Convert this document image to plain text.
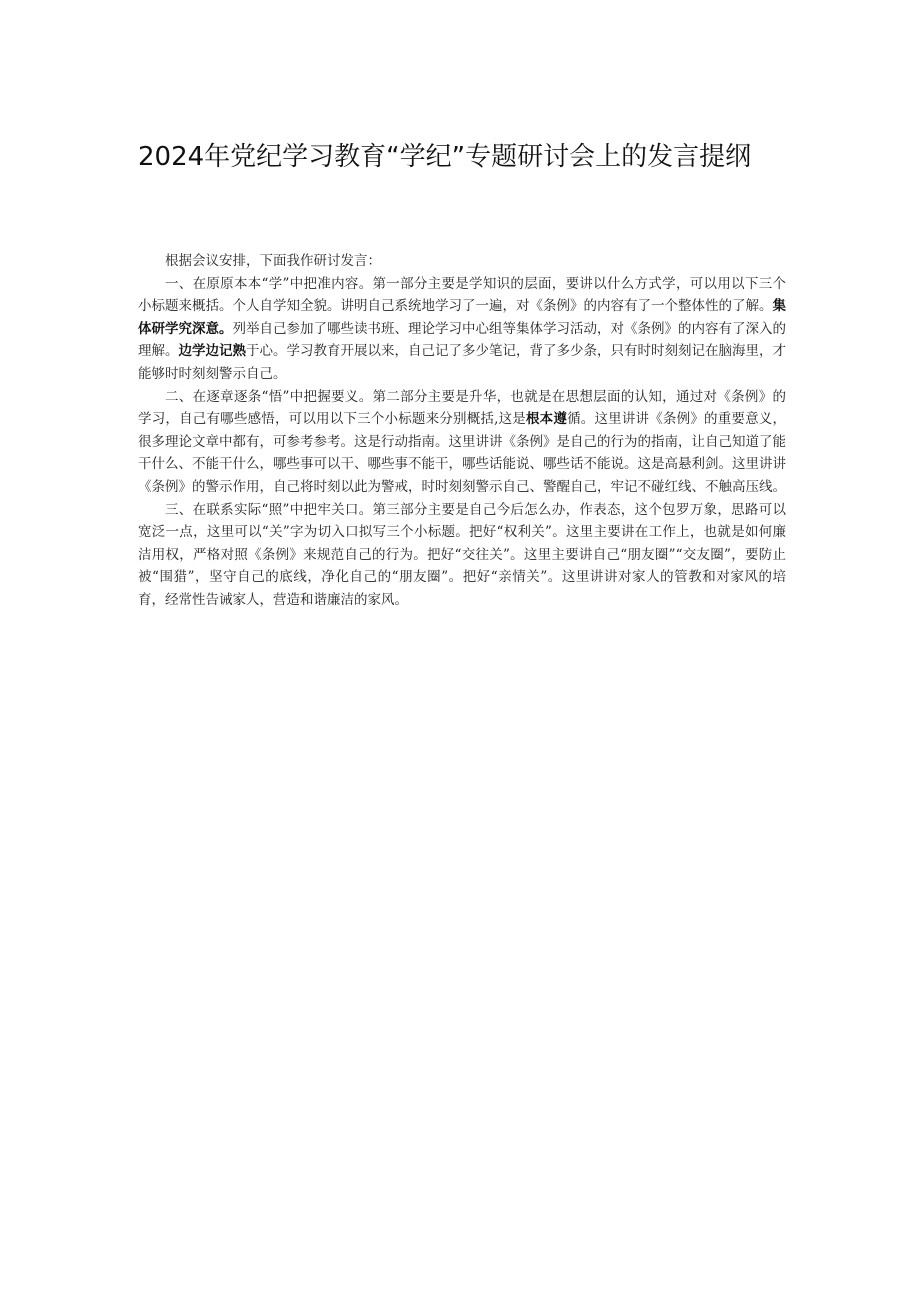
2024年党纪学习教育“学纪”专题研讨会上的发言提纲

根据会议安排，下面我作研讨发言：

一、在原原本本“学”中把准内容。第一部分主要是学知识的层面，要讲以什么方式学，可以用以下三个小标题来概括。个人自学知全貌。讲明自己系统地学习了一遍，对《条例》的内容有了一个整体性的了解。集体研学究深意。列举自己参加了哪些读书班、理论学习中心组等集体学习活动，对《条例》的内容有了深入的理解。边学边记熟于心。学习教育开展以来，自己记了多少笔记，背了多少条，只有时时刻刻记在脑海里，才能够时时刻刻警示自己。

二、在逐章逐条“悟”中把握要义。第二部分主要是升华，也就是在思想层面的认知，通过对《条例》的学习，自己有哪些感悟，可以用以下三个小标题来分别概括,这是根本遵循。这里讲讲《条例》的重要意义，很多理论文章中都有，可参考参考。这是行动指南。这里讲讲《条例》是自己的行为的指南，让自己知道了能干什么、不能干什么，哪些事可以干、哪些事不能干，哪些话能说、哪些话不能说。这是高悬利剑。这里讲讲《条例》的警示作用，自己将时刻以此为警戒，时时刻刻警示自己、警醒自己，牢记不碰红线、不触高压线。

三、在联系实际“照”中把牢关口。第三部分主要是自己今后怎么办，作表态，这个包罗万象，思路可以宽泛一点，这里可以“关”字为切入口拟写三个小标题。把好“权利关”。这里主要讲在工作上，也就是如何廉洁用权，严格对照《条例》来规范自己的行为。把好“交往关”。这里主要讲自己“朋友圈”“交友圈”，要防止被“围猎”，坚守自己的底线，净化自己的“朋友圈”。把好“亲情关”。这里讲讲对家人的管教和对家风的培育，经常性告诫家人，营造和谐廉洁的家风。
